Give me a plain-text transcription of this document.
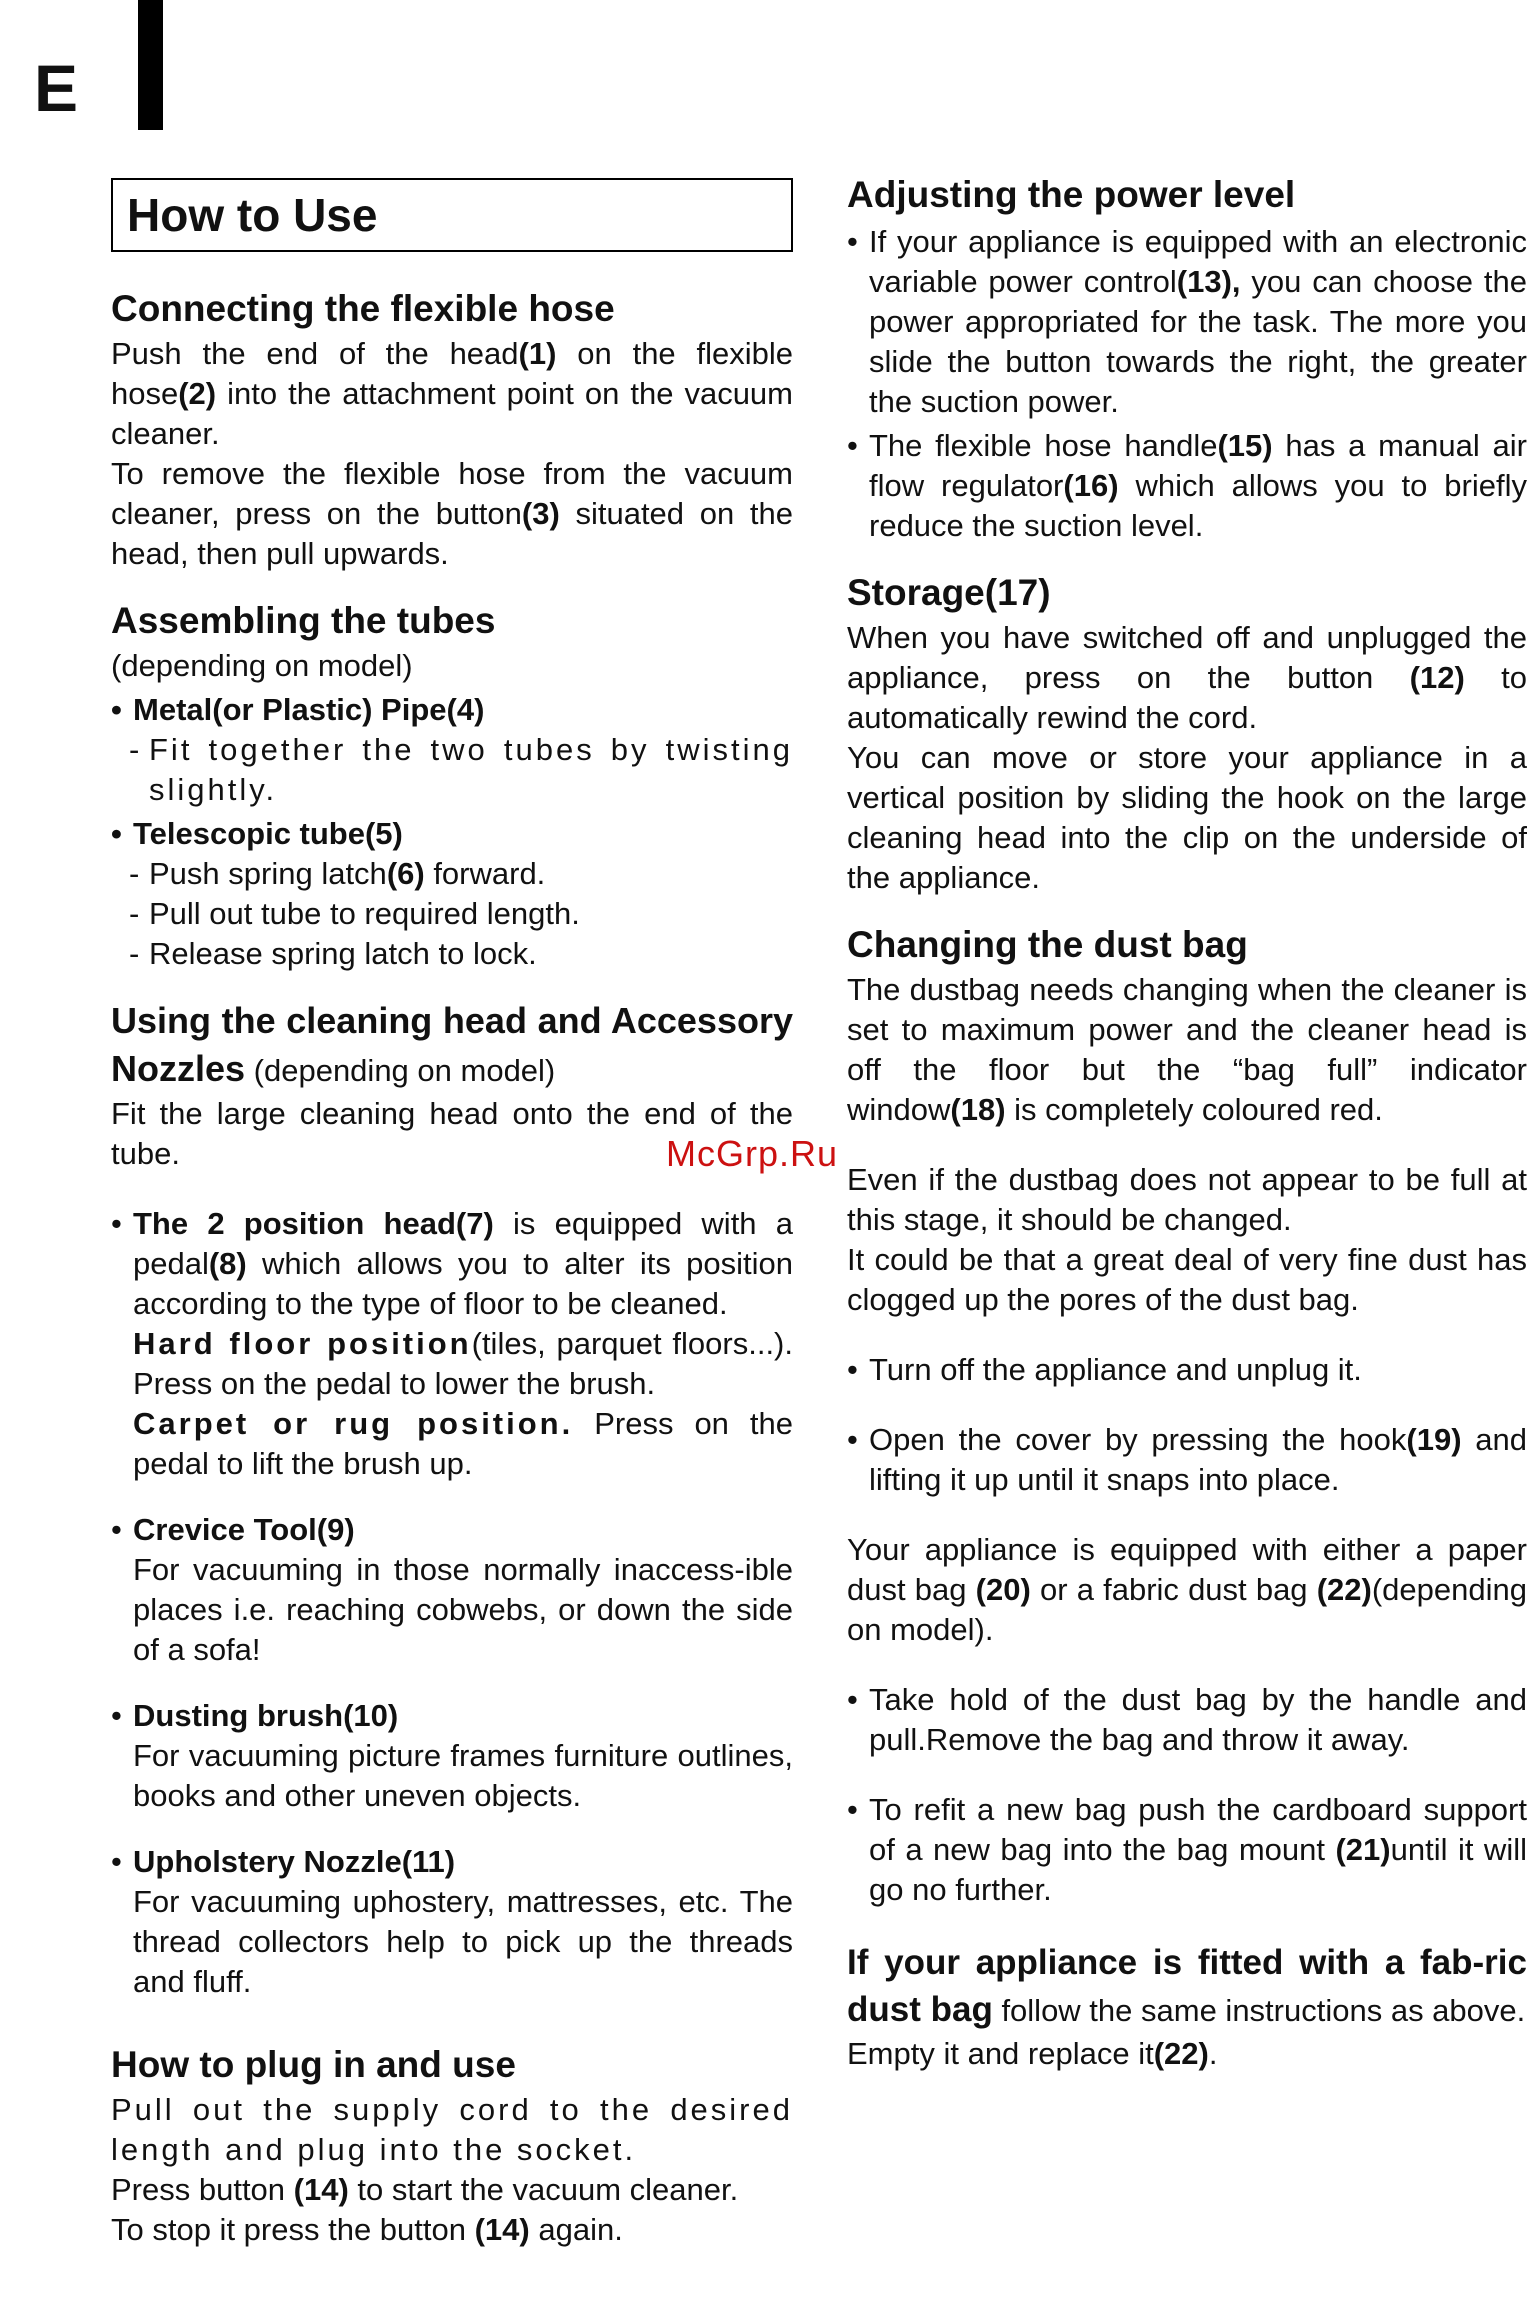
E
McGrp.Ru
How to Use
Connecting the flexible hose

Push the end of the head(1) on the flexible hose(2) into the attachment point on the vacuum cleaner.

To remove the flexible hose from the vacuum cleaner, press on the button(3) situated on the head, then pull upwards.

Assembling the tubes

(depending on model)

• Metal(or Plastic) Pipe(4)
- Fit together the two tubes by twisting slightly.
• Telescopic tube(5)
- Push spring latch(6) forward.
- Pull out tube to required length.
- Release spring latch to lock.

Using the cleaning head and Accessory Nozzles (depending on model)

Fit the large cleaning head onto the end of the tube.

• The 2 position head(7) is equipped with a pedal(8) which allows you to alter its position according to the type of floor to be cleaned.

Hard floor position(tiles, parquet floors...). Press on the pedal to lower the brush.

Carpet or rug position. Press on the pedal to lift the brush up.

• Crevice Tool(9)

For vacuuming in those normally inaccess-ible places i.e. reaching cobwebs, or down the side of a sofa!

• Dusting brush(10)

For vacuuming picture frames furniture outlines, books and other uneven objects.

• Upholstery Nozzle(11)

For vacuuming uphostery, mattresses, etc. The thread collectors help to pick up the threads and fluff.

How to plug in and use

Pull out the supply cord to the desired length and plug into the socket.

Press button (14) to start the vacuum cleaner.

To stop it press the button (14) again.

Adjusting the power level
• If your appliance is equipped with an electronic variable power control(13), you can choose the power appropriated for the task. The more you slide the button towards the right, the greater the suction power.
• The flexible hose handle(15) has a manual air flow regulator(16) which allows you to briefly reduce the suction level.
Storage(17)

When you have switched off and unplugged the appliance, press on the button (12) to automatically rewind the cord.

You can move or store your appliance in a vertical position by sliding the hook on the large cleaning head into the clip on the underside of the appliance.

Changing the dust bag

The dustbag needs changing when the cleaner is set to maximum power and the cleaner head is off the floor but the “bag full” indicator window(18) is completely coloured red.

Even if the dustbag does not appear to be full at this stage, it should be changed.

It could be that a great deal of very fine dust has clogged up the pores of the dust bag.

• Turn off the appliance and unplug it.
• Open the cover by pressing the hook(19) and lifting it up until it snaps into place.

Your appliance is equipped with either a paper dust bag (20) or a fabric dust bag (22)(depending on model).

• Take hold of the dust bag by the handle and pull.Remove the bag and throw it away.
• To refit a new bag push the cardboard support of a new bag into the bag mount (21)until it will go no further.

If your appliance is fitted with a fab-ric dust bag follow the same instructions as above.

Empty it and replace it(22).
